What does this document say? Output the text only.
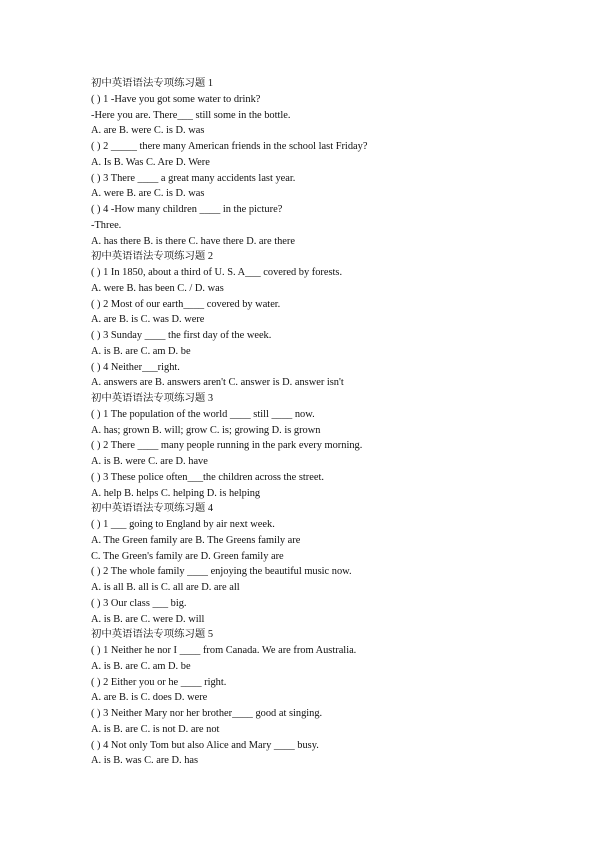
初中英语语法专项练习题 1
( ) 1 -Have you got some water to drink?
-Here you are. There___ still some in the bottle.
A. are B. were C. is D. was
( ) 2 _____ there many American friends in the school last Friday?
A. Is B. Was C. Are D. Were
( ) 3 There ____ a great many accidents last year.
A. were B. are C. is D. was
( ) 4 -How many children ____ in the picture?
-Three.
A. has there B. is there C. have there D. are there
初中英语语法专项练习题 2
( ) 1 In 1850, about a third of U. S. A___ covered by forests.
A. were B. has been C. / D. was
( ) 2 Most of our earth____ covered by water.
A. are B. is C. was D. were
( ) 3 Sunday ____ the first day of the week.
A. is B. are C. am D. be
( ) 4 Neither___right.
A. answers are B. answers aren't C. answer is D. answer isn't
初中英语语法专项练习题 3
( ) 1 The population of the world ____ still ____ now.
A. has; grown B. will; grow C. is; growing D. is grown
( ) 2 There ____ many people running in the park every morning.
A. is B. were C. are D. have
( ) 3 These police often___the children across the street.
A. help B. helps C. helping D. is helping
初中英语语法专项练习题 4
( ) 1 ___ going to England by air next week.
A. The Green family are B. The Greens family are
C. The Green's family are D. Green family are
( ) 2 The whole family ____ enjoying the beautiful music now.
A. is all B. all is C. all are D. are all
( ) 3 Our class ___ big.
A. is B. are C. were D. will
初中英语语法专项练习题 5
( ) 1 Neither he nor I ____ from Canada. We are from Australia.
A. is B. are C. am D. be
( ) 2 Either you or he ____ right.
A. are B. is C. does D. were
( ) 3 Neither Mary nor her brother____ good at singing.
A. is B. are C. is not D. are not
( ) 4 Not only Tom but also Alice and Mary ____ busy.
A. is B. was C. are D. has
